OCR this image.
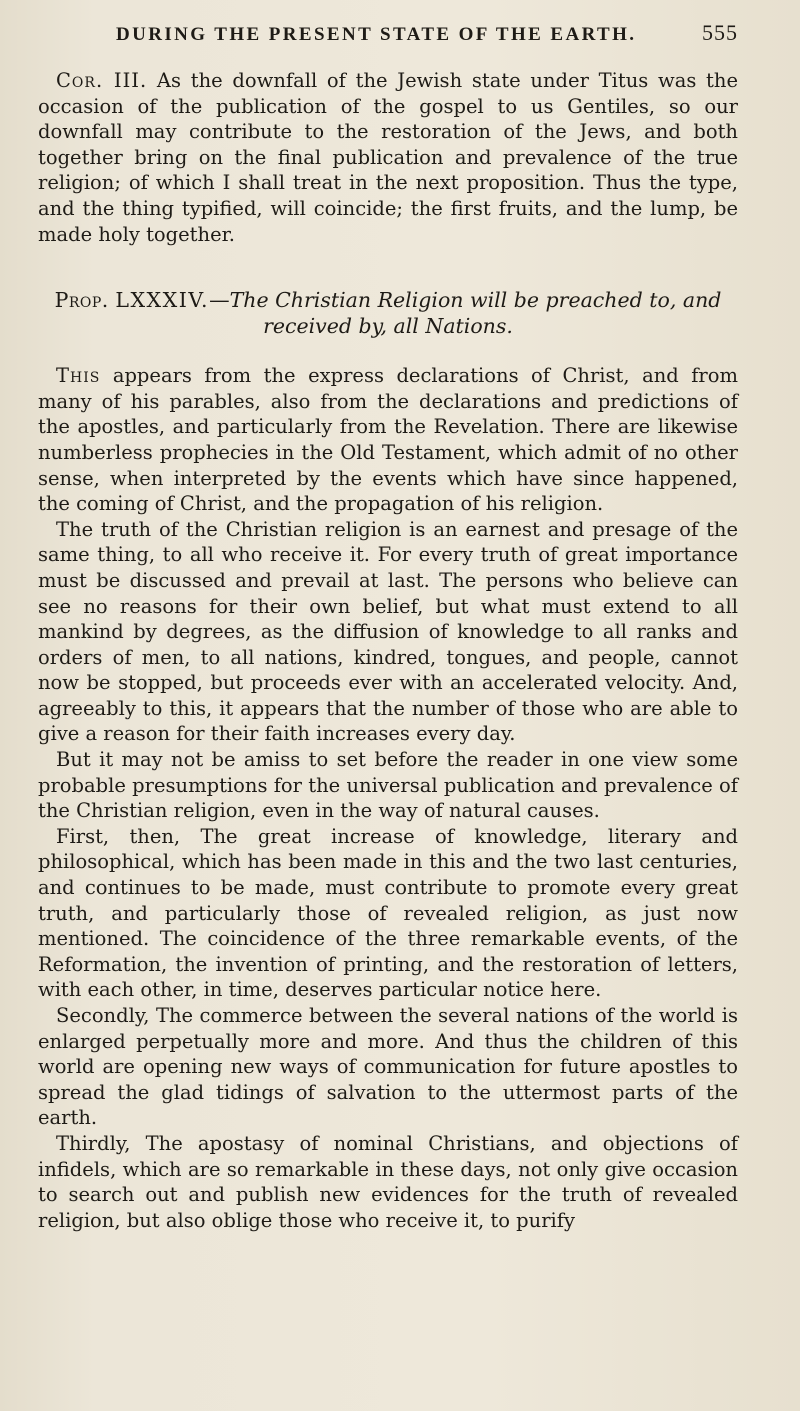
DURING THE PRESENT STATE OF THE EARTH.	555

Cor. III. As the downfall of the Jewish state under Titus was the occasion of the publication of the gospel to us Gentiles, so our downfall may contribute to the restoration of the Jews, and both together bring on the final publication and prevalence of the true religion; of which I shall treat in the next proposition. Thus the type, and the thing typified, will coincide; the first fruits, and the lump, be made holy together.

Prop. LXXXIV.—The Christian Religion will be preached to, and received by, all Nations.

This appears from the express declarations of Christ, and from many of his parables, also from the declarations and predictions of the apostles, and particularly from the Revelation. There are likewise numberless prophecies in the Old Testament, which admit of no other sense, when interpreted by the events which have since happened, the coming of Christ, and the propagation of his religion.

The truth of the Christian religion is an earnest and presage of the same thing, to all who receive it. For every truth of great importance must be discussed and prevail at last. The persons who believe can see no reasons for their own belief, but what must extend to all mankind by degrees, as the diffusion of knowledge to all ranks and orders of men, to all nations, kindred, tongues, and people, cannot now be stopped, but proceeds ever with an accelerated velocity. And, agreeably to this, it appears that the number of those who are able to give a reason for their faith increases every day.

But it may not be amiss to set before the reader in one view some probable presumptions for the universal publication and prevalence of the Christian religion, even in the way of natural causes.

First, then, The great increase of knowledge, literary and philosophical, which has been made in this and the two last centuries, and continues to be made, must contribute to promote every great truth, and particularly those of revealed religion, as just now mentioned. The coincidence of the three remarkable events, of the Reformation, the invention of printing, and the restoration of letters, with each other, in time, deserves particular notice here.

Secondly, The commerce between the several nations of the world is enlarged perpetually more and more. And thus the children of this world are opening new ways of communication for future apostles to spread the glad tidings of salvation to the uttermost parts of the earth.

Thirdly, The apostasy of nominal Christians, and objections of infidels, which are so remarkable in these days, not only give occasion to search out and publish new evidences for the truth of revealed religion, but also oblige those who receive it, to purify
